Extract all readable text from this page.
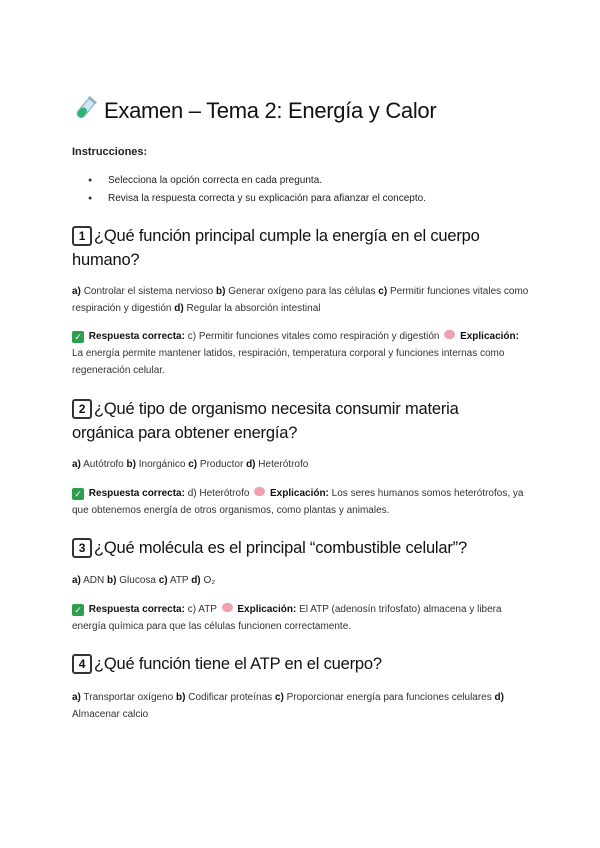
Examen – Tema 2: Energía y Calor
Instrucciones:
● Selecciona la opción correcta en cada pregunta.
● Revisa la respuesta correcta y su explicación para afianzar el concepto.
1 ¿Qué función principal cumple la energía en el cuerpo humano?
a) Controlar el sistema nervioso b) Generar oxígeno para las células c) Permitir funciones vitales como respiración y digestión d) Regular la absorción intestinal
✓ Respuesta correcta: c) Permitir funciones vitales como respiración y digestión Explicación: La energía permite mantener latidos, respiración, temperatura corporal y funciones internas como regeneración celular.
2 ¿Qué tipo de organismo necesita consumir materia orgánica para obtener energía?
a) Autótrofo b) Inorgánico c) Productor d) Heterótrofo
✓ Respuesta correcta: d) Heterótrofo Explicación: Los seres humanos somos heterótrofos, ya que obtenemos energía de otros organismos, como plantas y animales.
3 ¿Qué molécula es el principal “combustible celular”?
a) ADN b) Glucosa c) ATP d) O₂
✓ Respuesta correcta: c) ATP Explicación: El ATP (adenosín trifosfato) almacena y libera energía química para que las células funcionen correctamente.
4 ¿Qué función tiene el ATP en el cuerpo?
a) Transportar oxígeno b) Codificar proteínas c) Proporcionar energía para funciones celulares d) Almacenar calcio
